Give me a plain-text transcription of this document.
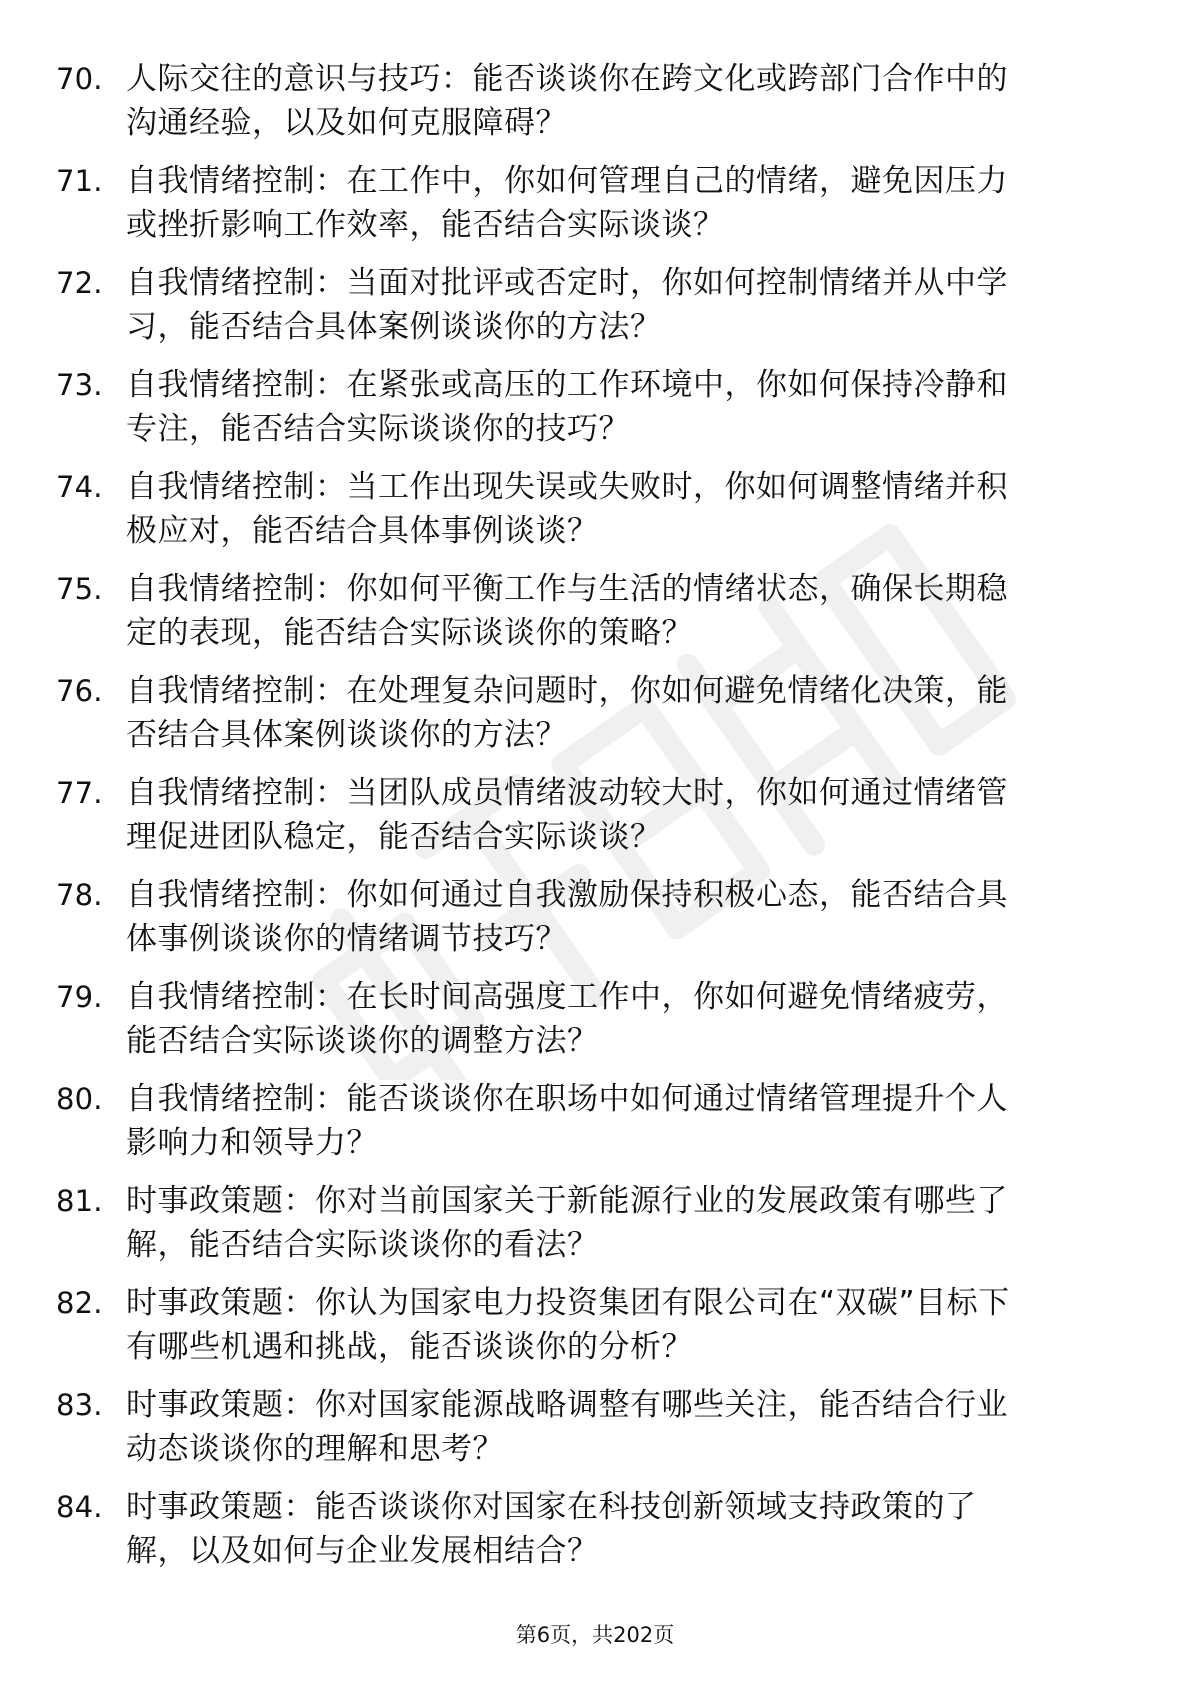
70. 人际交往的意识与技巧：能否谈谈你在跨文化或跨部门合作中的
沟通经验，以及如何克服障碍？
71. 自我情绪控制：在工作中，你如何管理自己的情绪，避免因压力
或挫折影响工作效率，能否结合实际谈谈？
72. 自我情绪控制：当面对批评或否定时，你如何控制情绪并从中学
习，能否结合具体案例谈谈你的方法？
73. 自我情绪控制：在紧张或高压的工作环境中，你如何保持冷静和
专注，能否结合实际谈谈你的技巧？
74. 自我情绪控制：当工作出现失误或失败时，你如何调整情绪并积
极应对，能否结合具体事例谈谈？
75. 自我情绪控制：你如何平衡工作与生活的情绪状态，确保长期稳
定的表现，能否结合实际谈谈你的策略？
76. 自我情绪控制：在处理复杂问题时，你如何避免情绪化决策，能
否结合具体案例谈谈你的方法？
77. 自我情绪控制：当团队成员情绪波动较大时，你如何通过情绪管
理促进团队稳定，能否结合实际谈谈？
78. 自我情绪控制：你如何通过自我激励保持积极心态，能否结合具
体事例谈谈你的情绪调节技巧？
79. 自我情绪控制：在长时间高强度工作中，你如何避免情绪疲劳，
能否结合实际谈谈你的调整方法？
80. 自我情绪控制：能否谈谈你在职场中如何通过情绪管理提升个人
影响力和领导力？
81. 时事政策题：你对当前国家关于新能源行业的发展政策有哪些了
解，能否结合实际谈谈你的看法？
82. 时事政策题：你认为国家电力投资集团有限公司在“双碳”目标下
有哪些机遇和挑战，能否谈谈你的分析？
83. 时事政策题：你对国家能源战略调整有哪些关注，能否结合行业
动态谈谈你的理解和思考？
84. 时事政策题：能否谈谈你对国家在科技创新领域支持政策的了
解，以及如何与企业发展相结合？
第6页，共202页
